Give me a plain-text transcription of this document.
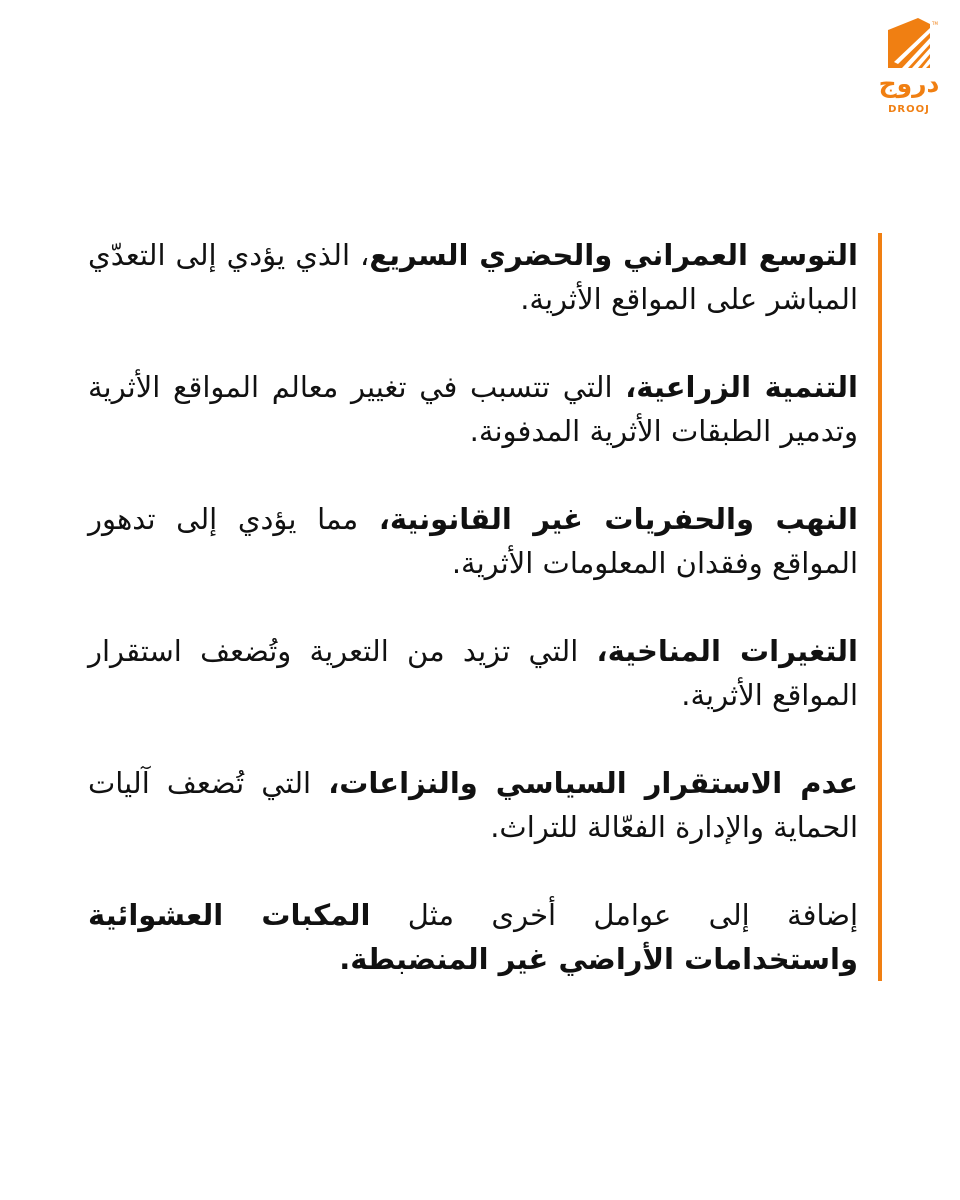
TM
دروج
DROOJ

التوسع العمراني والحضري السريع، الذي يؤدي إلى التعدّي المباشر على المواقع الأثرية.

التنمية الزراعية، التي تتسبب في تغيير معالم المواقع الأثرية وتدمير الطبقات الأثرية المدفونة.

النهب والحفريات غير القانونية، مما يؤدي إلى تدهور المواقع وفقدان المعلومات الأثرية.

التغيرات المناخية، التي تزيد من التعرية وتُضعف استقرار المواقع الأثرية.

عدم الاستقرار السياسي والنزاعات، التي تُضعف آليات الحماية والإدارة الفعّالة للتراث.

إضافة إلى عوامل أخرى مثل المكبات العشوائية واستخدامات الأراضي غير المنضبطة.
